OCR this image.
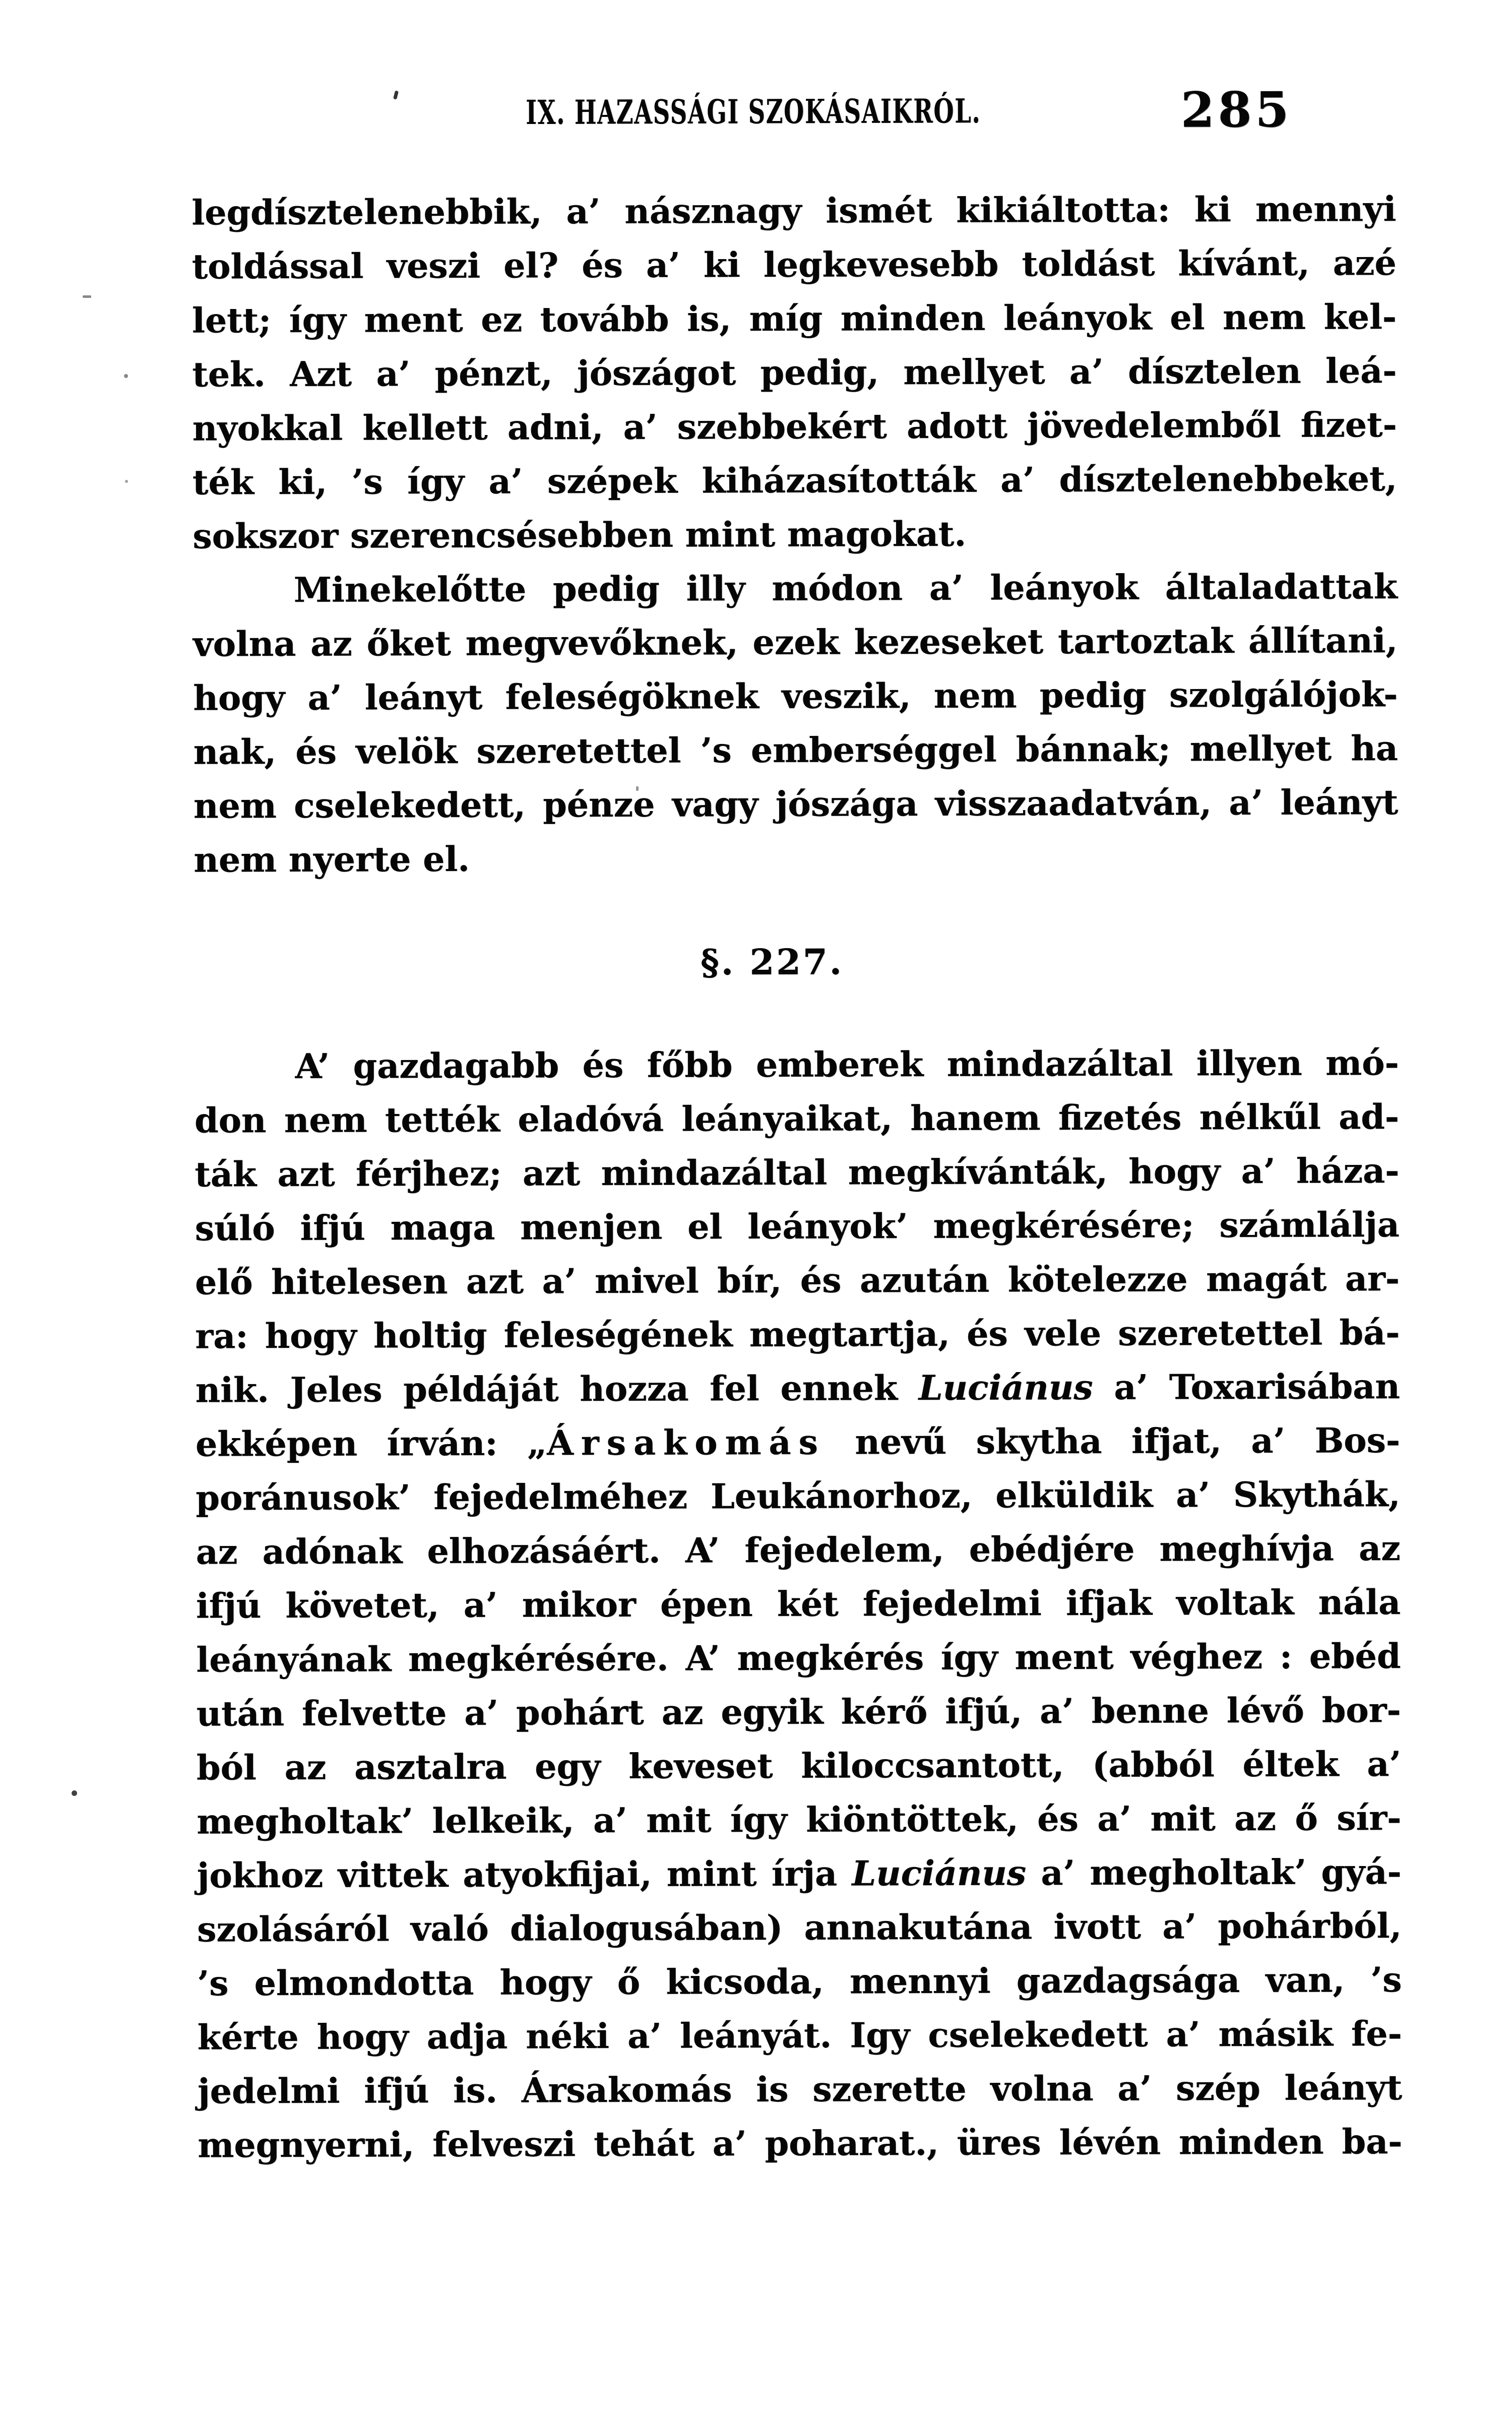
IX. HAZASSÁGI SZOKÁSAIKRÓL.	285
legdísztelenebbik, a’ násznagy ismét kikiáltotta: ki mennyi
toldással veszi el? és a’ ki legkevesebb toldást kívánt, azé
lett; így ment ez tovább is, míg minden leányok el nem kel-
tek. Azt a’ pénzt, jószágot pedig, mellyet a’ dísztelen leá-
nyokkal kellett adni, a’ szebbekért adott jövedelemből fizet-
ték ki, ’s így a’ szépek kiházasították a’ dísztelenebbeket,
sokszor szerencsésebben mint magokat.
Minekelőtte pedig illy módon a’ leányok általadattak
volna az őket megvevőknek, ezek kezeseket tartoztak állítani,
hogy a’ leányt feleségöknek veszik, nem pedig szolgálójok-
nak, és velök szeretettel ’s emberséggel bánnak; mellyet ha
nem cselekedett, pénze vagy jószága visszaadatván, a’ leányt
nem nyerte el.
§. 227.
A’ gazdagabb és főbb emberek mindazáltal illyen mó-
don nem tették eladóvá leányaikat, hanem fizetés nélkűl ad-
ták azt férjhez; azt mindazáltal megkívánták, hogy a’ háza-
súló ifjú maga menjen el leányok’ megkérésére; számlálja
elő hitelesen azt a’ mivel bír, és azután kötelezze magát ar-
ra: hogy holtig feleségének megtartja, és vele szeretettel bá-
nik. Jeles példáját hozza fel ennek Luciánus a’ Toxarisában
ekképen írván: „Ársakomás nevű skytha ifjat, a’ Bos-
poránusok’ fejedelméhez Leukánorhoz, elküldik a’ Skythák,
az adónak elhozásáért. A’ fejedelem, ebédjére meghívja az
ifjú követet, a’ mikor épen két fejedelmi ifjak voltak nála
leányának megkérésére. A’ megkérés így ment véghez : ebéd
után felvette a’ pohárt az egyik kérő ifjú, a’ benne lévő bor-
ból az asztalra egy keveset kiloccsantott, (abból éltek a’
megholtak’ lelkeik, a’ mit így kiöntöttek, és a’ mit az ő sír-
jokhoz vittek atyokfijai, mint írja Luciánus a’ megholtak’ gyá-
szolásáról való dialogusában) annakutána ivott a’ pohárból,
’s elmondotta hogy ő kicsoda, mennyi gazdagsága van, ’s
kérte hogy adja néki a’ leányát. Igy cselekedett a’ másik fe-
jedelmi ifjú is. Ársakomás is szerette volna a’ szép leányt
megnyerni, felveszi tehát a’ poharat., üres lévén minden ba-
